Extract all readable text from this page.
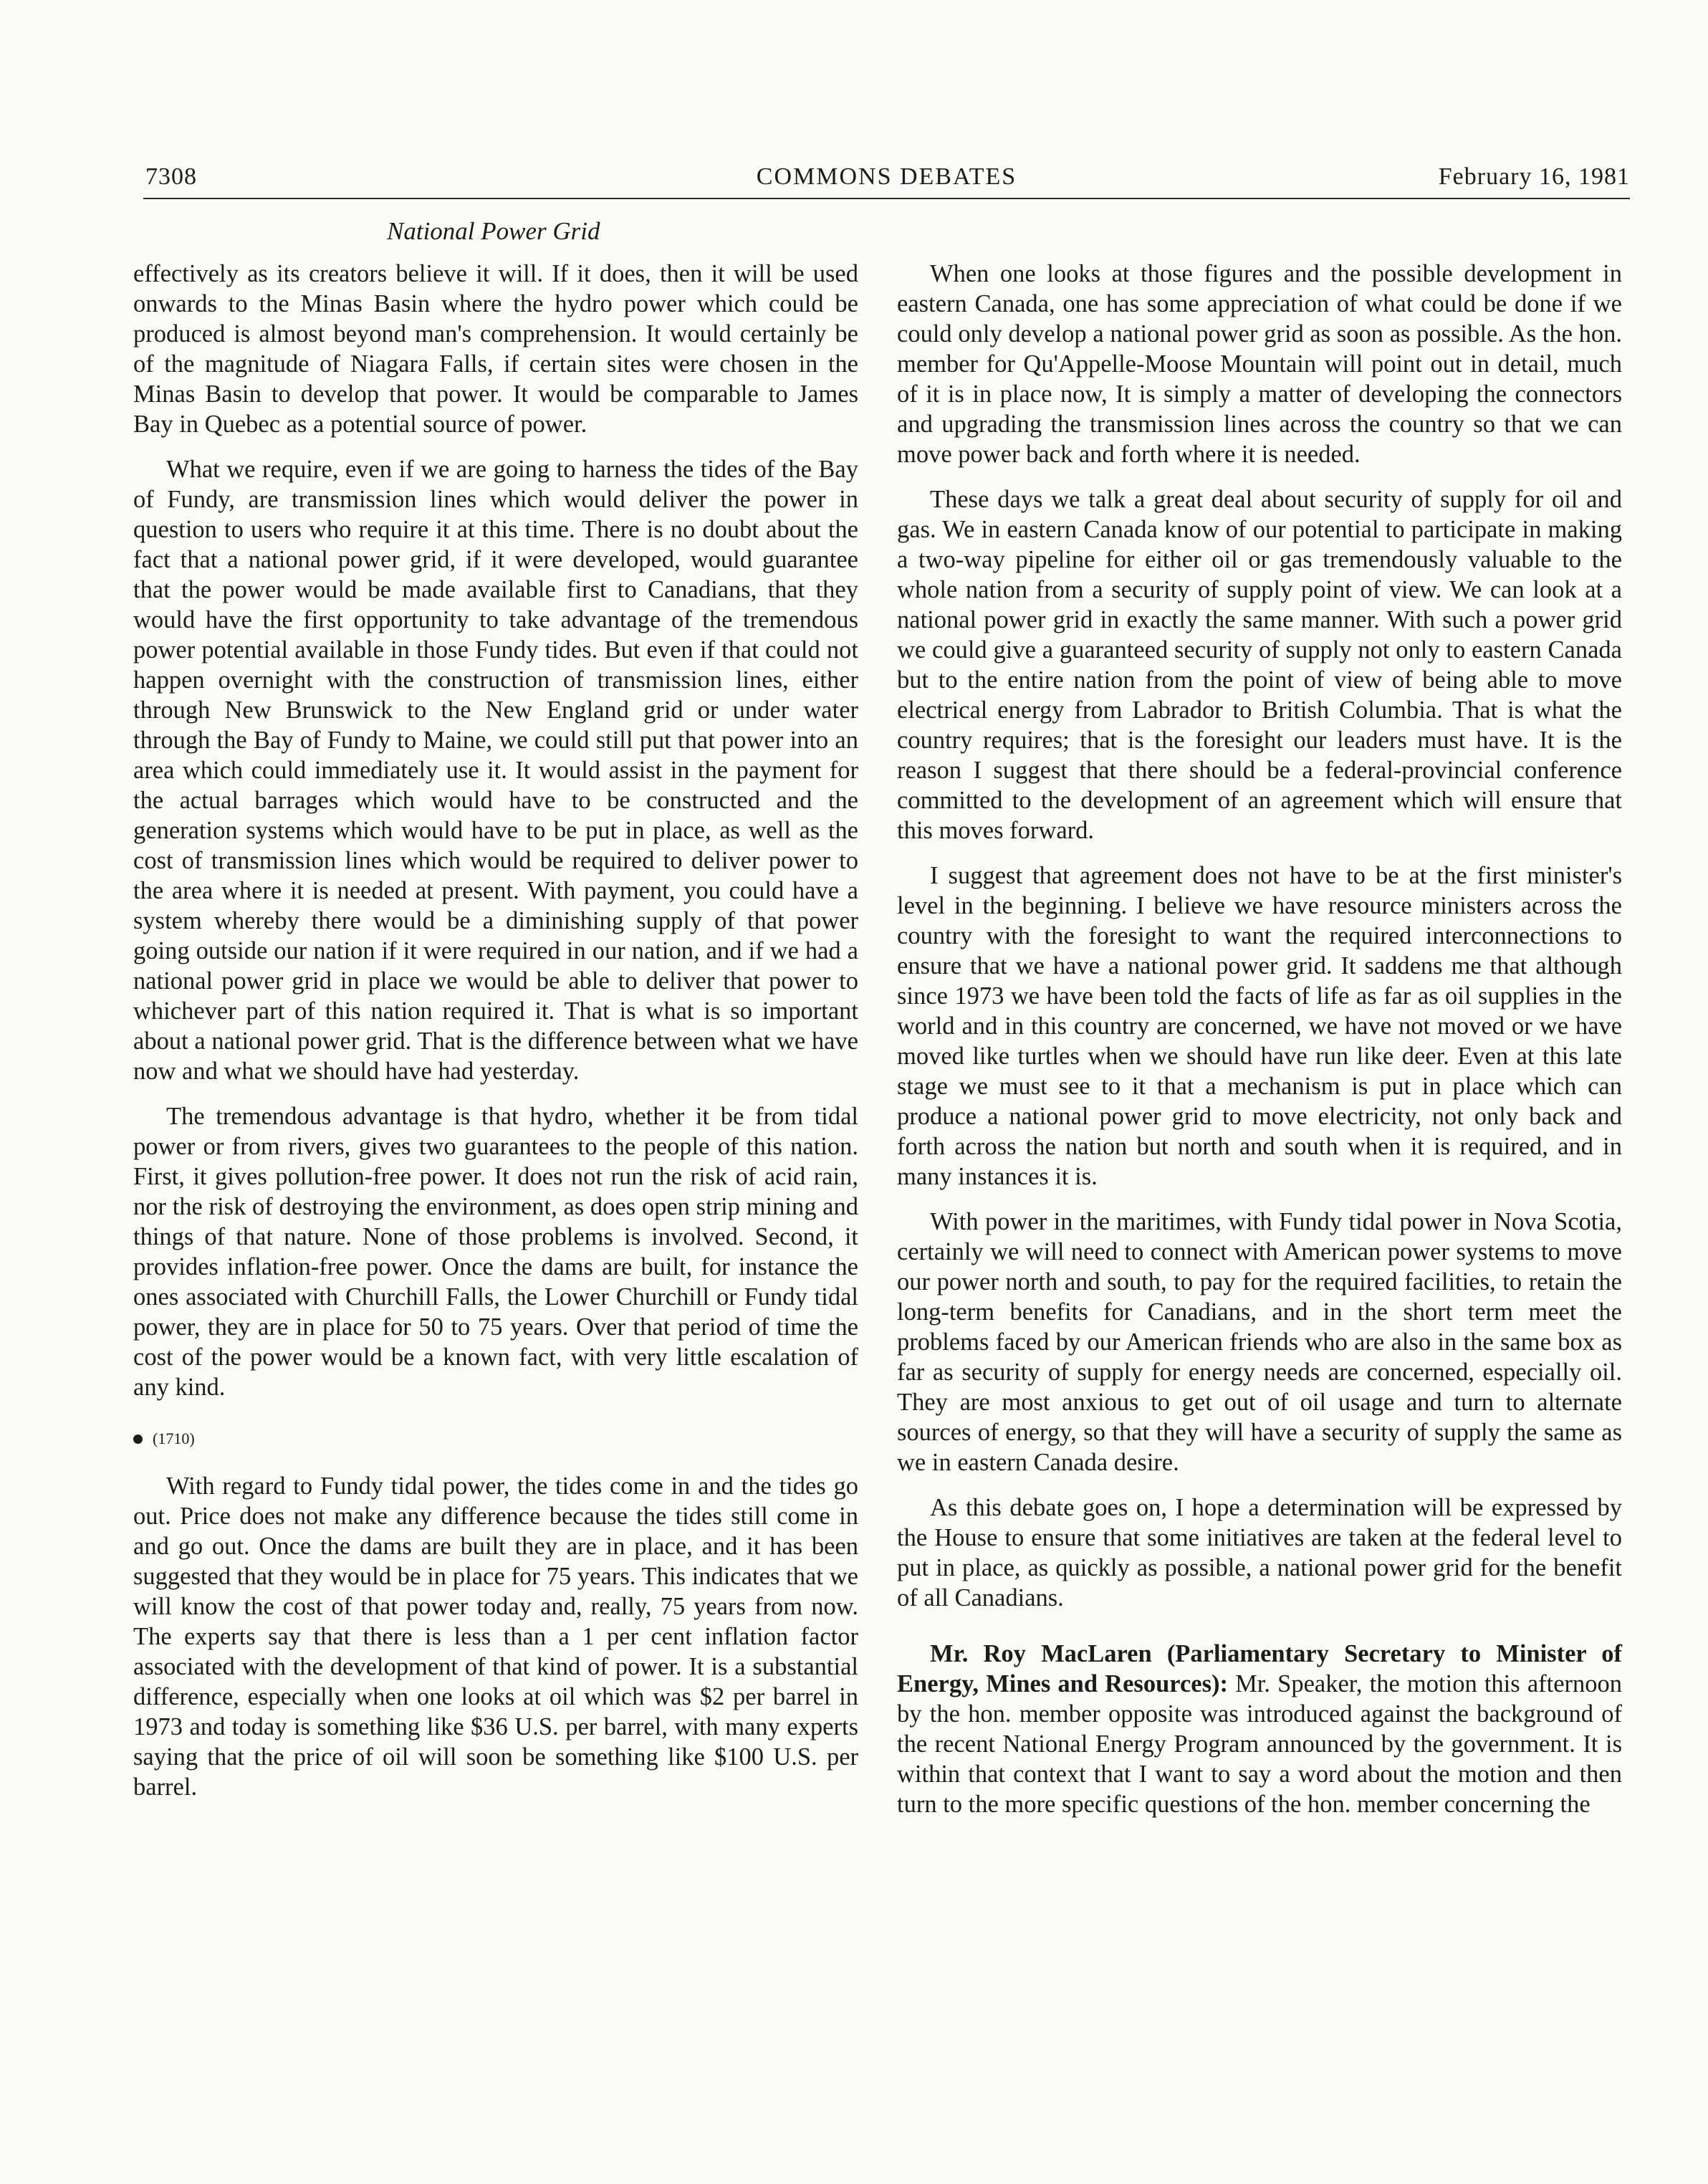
7308	COMMONS DEBATES	February 16, 1981
National Power Grid

effectively as its creators believe it will. If it does, then it will be used onwards to the Minas Basin where the hydro power which could be produced is almost beyond man's comprehension. It would certainly be of the magnitude of Niagara Falls, if certain sites were chosen in the Minas Basin to develop that power. It would be comparable to James Bay in Quebec as a potential source of power.

What we require, even if we are going to harness the tides of the Bay of Fundy, are transmission lines which would deliver the power in question to users who require it at this time. There is no doubt about the fact that a national power grid, if it were developed, would guarantee that the power would be made available first to Canadians, that they would have the first opportunity to take advantage of the tremendous power potential available in those Fundy tides. But even if that could not happen overnight with the construction of transmission lines, either through New Brunswick to the New England grid or under water through the Bay of Fundy to Maine, we could still put that power into an area which could immediately use it. It would assist in the payment for the actual barrages which would have to be constructed and the generation systems which would have to be put in place, as well as the cost of transmission lines which would be required to deliver power to the area where it is needed at present. With payment, you could have a system whereby there would be a diminishing supply of that power going outside our nation if it were required in our nation, and if we had a national power grid in place we would be able to deliver that power to whichever part of this nation required it. That is what is so important about a national power grid. That is the difference between what we have now and what we should have had yesterday.

The tremendous advantage is that hydro, whether it be from tidal power or from rivers, gives two guarantees to the people of this nation. First, it gives pollution-free power. It does not run the risk of acid rain, nor the risk of destroying the environment, as does open strip mining and things of that nature. None of those problems is involved. Second, it provides inflation-free power. Once the dams are built, for instance the ones associated with Churchill Falls, the Lower Churchill or Fundy tidal power, they are in place for 50 to 75 years. Over that period of time the cost of the power would be a known fact, with very little escalation of any kind.

(1710)

With regard to Fundy tidal power, the tides come in and the tides go out. Price does not make any difference because the tides still come in and go out. Once the dams are built they are in place, and it has been suggested that they would be in place for 75 years. This indicates that we will know the cost of that power today and, really, 75 years from now. The experts say that there is less than a 1 per cent inflation factor associated with the development of that kind of power. It is a substantial difference, especially when one looks at oil which was $2 per barrel in 1973 and today is something like $36 U.S. per barrel, with many experts saying that the price of oil will soon be something like $100 U.S. per barrel.

When one looks at those figures and the possible development in eastern Canada, one has some appreciation of what could be done if we could only develop a national power grid as soon as possible. As the hon. member for Qu'Appelle-Moose Mountain will point out in detail, much of it is in place now, It is simply a matter of developing the connectors and upgrading the transmission lines across the country so that we can move power back and forth where it is needed.

These days we talk a great deal about security of supply for oil and gas. We in eastern Canada know of our potential to participate in making a two-way pipeline for either oil or gas tremendously valuable to the whole nation from a security of supply point of view. We can look at a national power grid in exactly the same manner. With such a power grid we could give a guaranteed security of supply not only to eastern Canada but to the entire nation from the point of view of being able to move electrical energy from Labrador to British Columbia. That is what the country requires; that is the foresight our leaders must have. It is the reason I suggest that there should be a federal-provincial conference committed to the development of an agreement which will ensure that this moves forward.

I suggest that agreement does not have to be at the first minister's level in the beginning. I believe we have resource ministers across the country with the foresight to want the required interconnections to ensure that we have a national power grid. It saddens me that although since 1973 we have been told the facts of life as far as oil supplies in the world and in this country are concerned, we have not moved or we have moved like turtles when we should have run like deer. Even at this late stage we must see to it that a mechanism is put in place which can produce a national power grid to move electricity, not only back and forth across the nation but north and south when it is required, and in many instances it is.

With power in the maritimes, with Fundy tidal power in Nova Scotia, certainly we will need to connect with American power systems to move our power north and south, to pay for the required facilities, to retain the long-term benefits for Canadians, and in the short term meet the problems faced by our American friends who are also in the same box as far as security of supply for energy needs are concerned, especially oil. They are most anxious to get out of oil usage and turn to alternate sources of energy, so that they will have a security of supply the same as we in eastern Canada desire.

As this debate goes on, I hope a determination will be expressed by the House to ensure that some initiatives are taken at the federal level to put in place, as quickly as possible, a national power grid for the benefit of all Canadians.

Mr. Roy MacLaren (Parliamentary Secretary to Minister of Energy, Mines and Resources): Mr. Speaker, the motion this afternoon by the hon. member opposite was introduced against the background of the recent National Energy Program announced by the government. It is within that context that I want to say a word about the motion and then turn to the more specific questions of the hon. member concerning the
